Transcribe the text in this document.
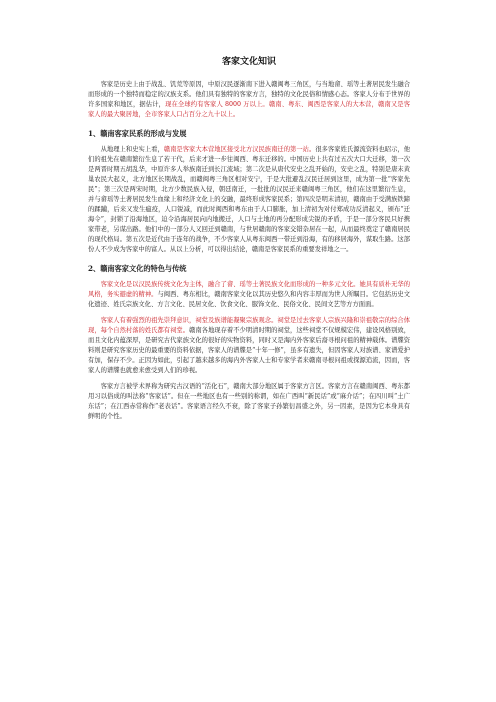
客家文化知识

客家是历史上由于战乱、饥荒等原因，中原汉民逐渐南下进入赣闽粤三角区，与当地畲、瑶等土著居民发生融合而形成的一个独特而稳定的汉族支系。他们具有独特的客家方言，独特的文化民俗和情感心态。客家人分布于世界的许多国家和地区，据估计，现在全球约有客家人 8000 万以上。赣南、粤东、闽西是客家人的大本营，赣南又是客家人的最大聚居地，全市客家人口占百分之九十以上。

1、赣南客家民系的形成与发展

从地理上和史实上看，赣南是客家大本营地区接受北方汉民族南迁的第一站。很多客家姓氏源流资料也昭示，他们的祖先在赣南繁衍生息了若干代，后来才进一步往闽西、粤东迁移的。中国历史上共有过五次大口大迁移，第一次是两晋时期五胡乱华，中原许多人举族南迁到长江流域；第二次是从唐代安史之乱开始的，安史之乱，特别是唐末黄巢农民大起义，北方地区长期战乱，而赣闽粤三角区相对安宁，于是大批避乱汉民迁居到这里，成为第一批“客家先民”；第三次是两宋时期，北方少数民族入侵，朝廷南迁，一批批的汉民迁来赣闽粤三角区，他们在这里繁衍生息，并与畲瑶等土著居民发生血缘上和经济文化上的交融，最终形成客家民系；第四次是明末清初，赣南由于受满族铁蹄的蹂躏，后来又发生瘟疫，人口锐减，而此时闽西和粤东由于人口膨胀，加上清初为对付郑成功反清起义，颁布“迁海令”，封锁了沿海地区，迫令沿海居民向内地搬迁，人口与土地的再分配形成尖锐的矛盾，于是一部分客民只好携家带老，另谋出路。他们中的一部分人又回迁到赣南，与世居赣南的客家交错杂居在一起，从而最终奠定了赣南居民的现代格局。第五次是近代由于连年的战争，不少客家人从粤东闽西一带迁到沿海，有的移居海外，谋取生路。这部份人不少成为客家中的富人。从以上分析，可以得出结论，赣南是客家民系的重要发祥地之一。

2、赣南客家文化的特色与传统

客家文化是以汉民族传统文化为主体，融合了畲、瑶等土著民族文化而形成的一种多元文化。她具有质朴无华的风格，务实避虚的精神。与闽西、粤东相比，赣南客家文化以其历史悠久和内容丰厚而为世人所瞩目。它包括历史文化遗迹、姓氏宗族文化、方言文化、民居文化、饮食文化、服饰文化、民俗文化、民间文艺等方方面面。

客家人有着强烈的祖先崇拜意识，祠堂及族谱能凝聚宗族观念。祠堂是过去客家人宗族兴隆和崇祖敬宗的综合体现，每个自然村落的姓氏都有祠堂。赣南各地现存着不少明清时期的祠堂，这些祠堂不仅规模宏伟，建设风格别致，而且文化内蕴深厚，是研究古代家族文化的很好的实物资料，同时又是海内外客家后裔寻根问祖的精神载体。谱牒资料则是研究客家历史的最重要的资料依据，客家人的谱牒是“十年一修”，虽多有遗失，但因客家人对族谱、家谱爱护有加，保存不少。正因为如此，引起了越来越多的海内外客家人士和专家学者来赣南寻根问祖或探源追流，因而，客家人的谱牒也就愈来愈受到人们的珍视。

客家方言被学术界称为研究古汉语的“活化石”，赣南大部分地区属于客家方言区。客家方言在赣南闽西、粤东都用习以俗成的叫法称“客家话”。但在一些地区也有一些别的称谓，如在广西叫“新民话”或“麻介话”；在四川叫“土广东话”；在江西赤常称作“老表话”。客家语言经久不衰，除了客家子孙繁衍昌盛之外，另一因素，是因为它本身具有鲜明的个性。
